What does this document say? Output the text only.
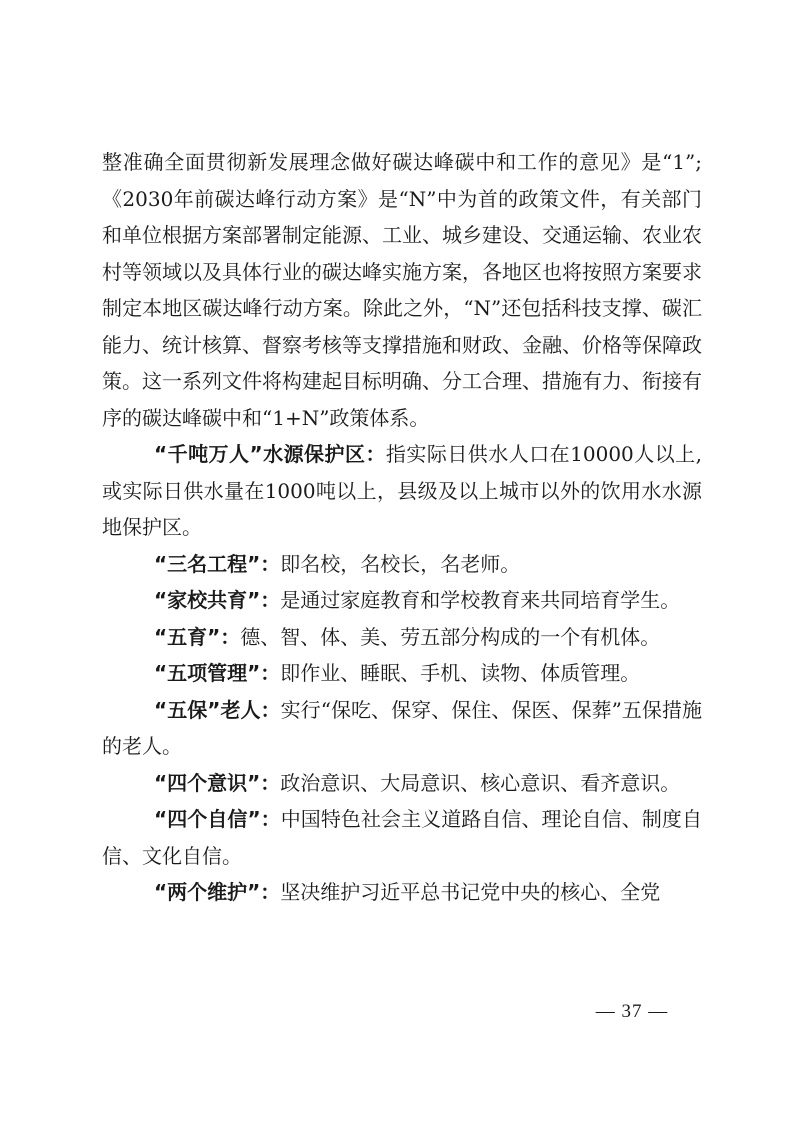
整准确全面贯彻新发展理念做好碳达峰碳中和工作的意见》是“1”;《2030年前碳达峰行动方案》是“N”中为首的政策文件，有关部门和单位根据方案部署制定能源、工业、城乡建设、交通运输、农业农村等领域以及具体行业的碳达峰实施方案，各地区也将按照方案要求制定本地区碳达峰行动方案。除此之外，“N”还包括科技支撑、碳汇能力、统计核算、督察考核等支撑措施和财政、金融、价格等保障政策。这一系列文件将构建起目标明确、分工合理、措施有力、衔接有序的碳达峰碳中和“1+N”政策体系。

“千吨万人”水源保护区：指实际日供水人口在10000人以上,或实际日供水量在1000吨以上，县级及以上城市以外的饮用水水源地保护区。

“三名工程”：即名校，名校长，名老师。

“家校共育”：是通过家庭教育和学校教育来共同培育学生。

“五育”：德、智、体、美、劳五部分构成的一个有机体。

“五项管理”：即作业、睡眠、手机、读物、体质管理。

“五保”老人：实行“保吃、保穿、保住、保医、保葬”五保措施的老人。

“四个意识”：政治意识、大局意识、核心意识、看齐意识。

“四个自信”：中国特色社会主义道路自信、理论自信、制度自信、文化自信。

“两个维护”：坚决维护习近平总书记党中央的核心、全党

— 37 —
